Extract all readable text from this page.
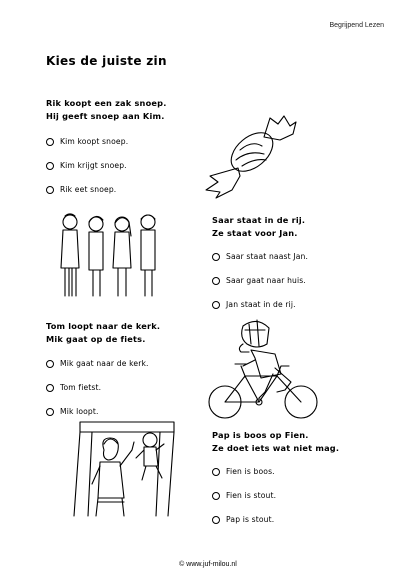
Begrijpend Lezen
Kies de juiste zin
Rik koopt een zak snoep.
Hij geeft snoep aan Kim.
Kim koopt snoep.
Kim krijgt snoep.
Rik eet snoep.
Saar staat in de rij.
Ze staat voor Jan.
Saar staat naast Jan.
Saar gaat naar huis.
Jan staat in de rij.
Tom loopt naar de kerk.
Mik gaat op de fiets.
Mik gaat naar de kerk.
Tom fietst.
Mik loopt.
Pap is boos op Fien.
Ze doet iets wat niet mag.
Fien is boos.
Fien is stout.
Pap is stout.
© www.juf-milou.nl
